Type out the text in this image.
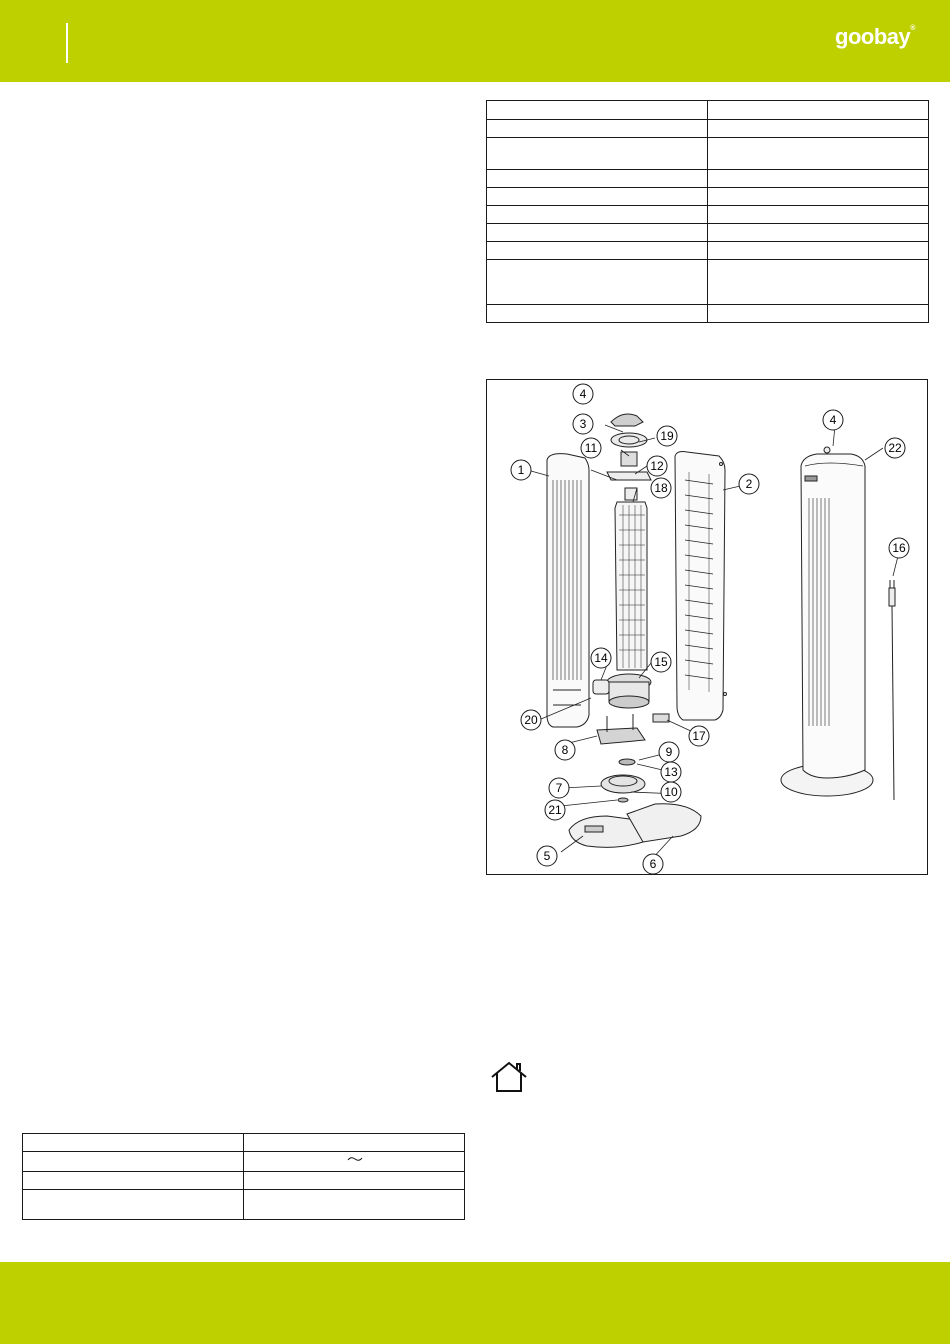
goobay®

1
2
3
4
4
5
6
7
8	9
10
11
12
13
14	15
16
17
18
19
20
21
22
